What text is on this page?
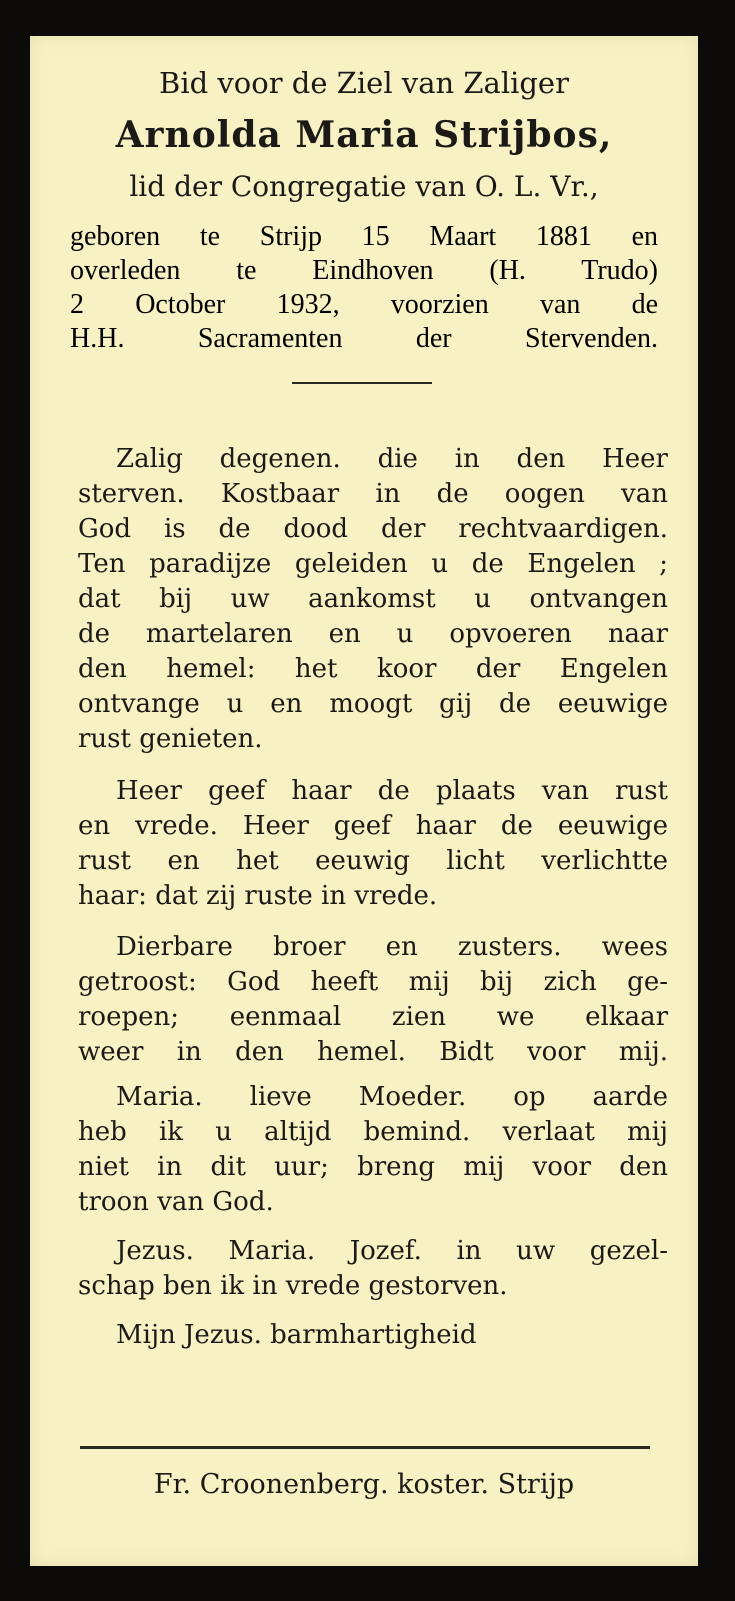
Bid voor de Ziel van Zaliger
Arnolda Maria Strijbos,
lid der Congregatie van O. L. Vr.,
geboren te Strijp 15 Maart 1881 en
overleden te Eindhoven (H. Trudo)
2 October 1932, voorzien van de
H.H. Sacramenten der Stervenden.
Zalig degenen. die in den Heer
sterven. Kostbaar in de oogen van
God is de dood der rechtvaardigen.
Ten paradijze geleiden u de Engelen ;
dat bij uw aankomst u ontvangen
de martelaren en u opvoeren naar
den hemel: het koor der Engelen
ontvange u en moogt gij de eeuwige
rust genieten.
Heer geef haar de plaats van rust
en vrede. Heer geef haar de eeuwige
rust en het eeuwig licht verlichtte
haar: dat zij ruste in vrede.
Dierbare broer en zusters. wees
getroost: God heeft mij bij zich ge-
roepen; eenmaal zien we elkaar
weer in den hemel. Bidt voor mij.
Maria. lieve Moeder. op aarde
heb ik u altijd bemind. verlaat mij
niet in dit uur; breng mij voor den
troon van God.
Jezus. Maria. Jozef. in uw gezel-
schap ben ik in vrede gestorven.
Mijn Jezus. barmhartigheid
Fr. Croonenberg. koster. Strijp
